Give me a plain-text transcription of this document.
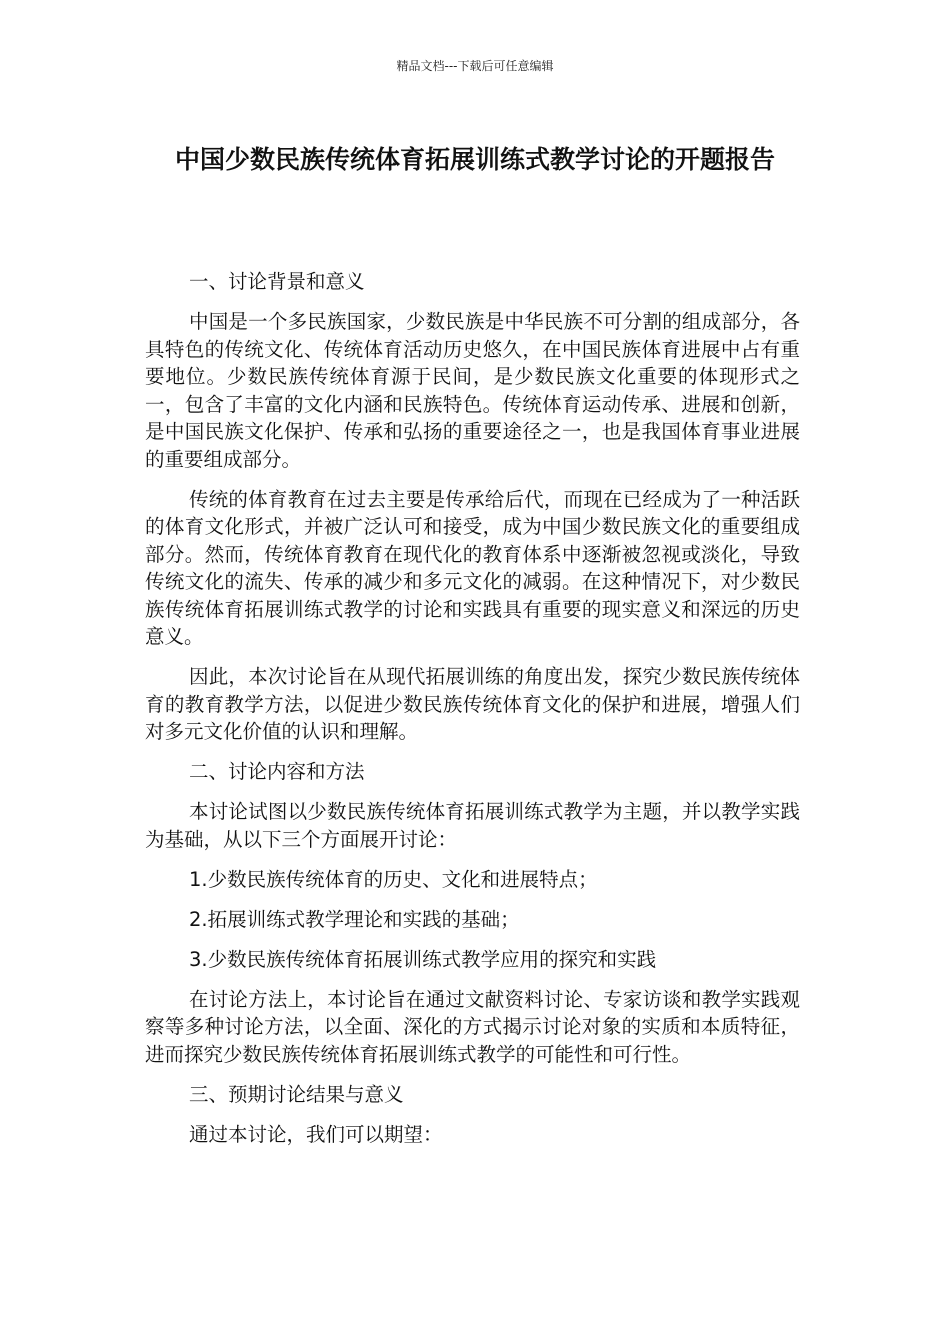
精品文档---下载后可任意编辑
中国少数民族传统体育拓展训练式教学讨论的开题报告

一、讨论背景和意义

中国是一个多民族国家，少数民族是中华民族不可分割的组成部分，各具特色的传统文化、传统体育活动历史悠久，在中国民族体育进展中占有重要地位。少数民族传统体育源于民间，是少数民族文化重要的体现形式之一，包含了丰富的文化内涵和民族特色。传统体育运动传承、进展和创新，是中国民族文化保护、传承和弘扬的重要途径之一，也是我国体育事业进展的重要组成部分。

传统的体育教育在过去主要是传承给后代，而现在已经成为了一种活跃的体育文化形式，并被广泛认可和接受，成为中国少数民族文化的重要组成部分。然而，传统体育教育在现代化的教育体系中逐渐被忽视或淡化，导致传统文化的流失、传承的减少和多元文化的减弱。在这种情况下，对少数民族传统体育拓展训练式教学的讨论和实践具有重要的现实意义和深远的历史意义。

因此，本次讨论旨在从现代拓展训练的角度出发，探究少数民族传统体育的教育教学方法，以促进少数民族传统体育文化的保护和进展，增强人们对多元文化价值的认识和理解。

二、讨论内容和方法

本讨论试图以少数民族传统体育拓展训练式教学为主题，并以教学实践为基础，从以下三个方面展开讨论：

1.少数民族传统体育的历史、文化和进展特点；

2.拓展训练式教学理论和实践的基础；

3.少数民族传统体育拓展训练式教学应用的探究和实践

在讨论方法上，本讨论旨在通过文献资料讨论、专家访谈和教学实践观察等多种讨论方法，以全面、深化的方式揭示讨论对象的实质和本质特征，进而探究少数民族传统体育拓展训练式教学的可能性和可行性。

三、预期讨论结果与意义

通过本讨论，我们可以期望：
